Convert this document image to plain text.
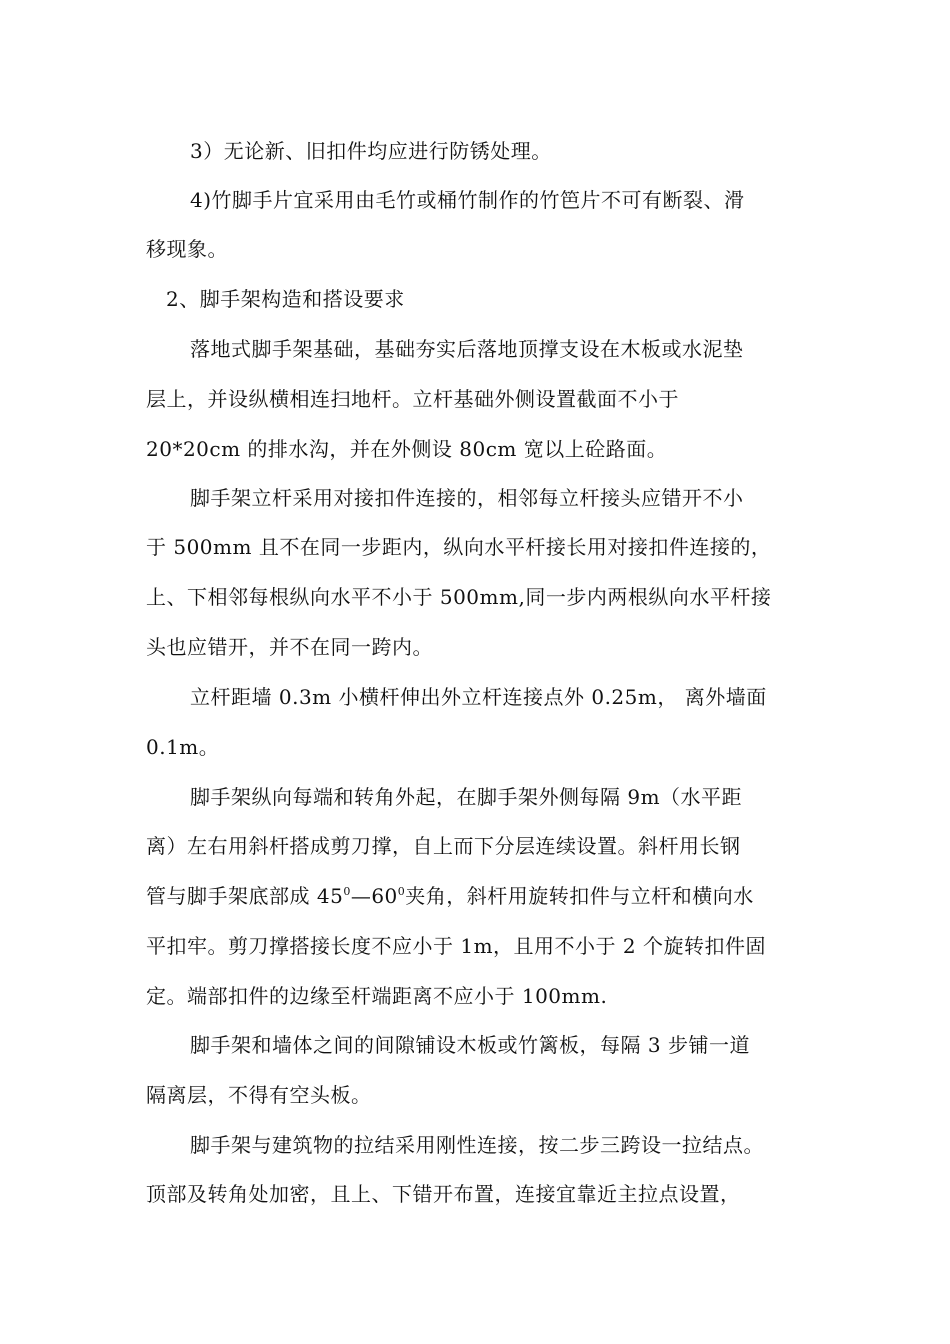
3）无论新、旧扣件均应进行防锈处理。
4)竹脚手片宜采用由毛竹或桶竹制作的竹笆片不可有断裂、滑
移现象。
2、脚手架构造和搭设要求
落地式脚手架基础，基础夯实后落地顶撑支设在木板或水泥垫
层上，并设纵横相连扫地杆。立杆基础外侧设置截面不小于
20*20cm 的排水沟，并在外侧设 80cm 宽以上砼路面。
脚手架立杆采用对接扣件连接的，相邻每立杆接头应错开不小
于 500mm 且不在同一步距内，纵向水平杆接长用对接扣件连接的，
上、下相邻每根纵向水平不小于 500mm,同一步内两根纵向水平杆接
头也应错开，并不在同一跨内。
立杆距墙 0.3m 小横杆伸出外立杆连接点外 0.25m， 离外墙面
0.1m。
脚手架纵向每端和转角外起，在脚手架外侧每隔 9m（水平距
离）左右用斜杆搭成剪刀撑，自上而下分层连续设置。斜杆用长钢
管与脚手架底部成 $45^0—60^0$夹角，斜杆用旋转扣件与立杆和横向水
平扣牢。剪刀撑搭接长度不应小于 1m，且用不小于 2 个旋转扣件固
定。端部扣件的边缘至杆端距离不应小于 100mm.
脚手架和墙体之间的间隙铺设木板或竹篱板，每隔 3 步铺一道
隔离层，不得有空头板。
脚手架与建筑物的拉结采用刚性连接，按二步三跨设一拉结点。
顶部及转角处加密，且上、下错开布置，连接宜靠近主拉点设置，
